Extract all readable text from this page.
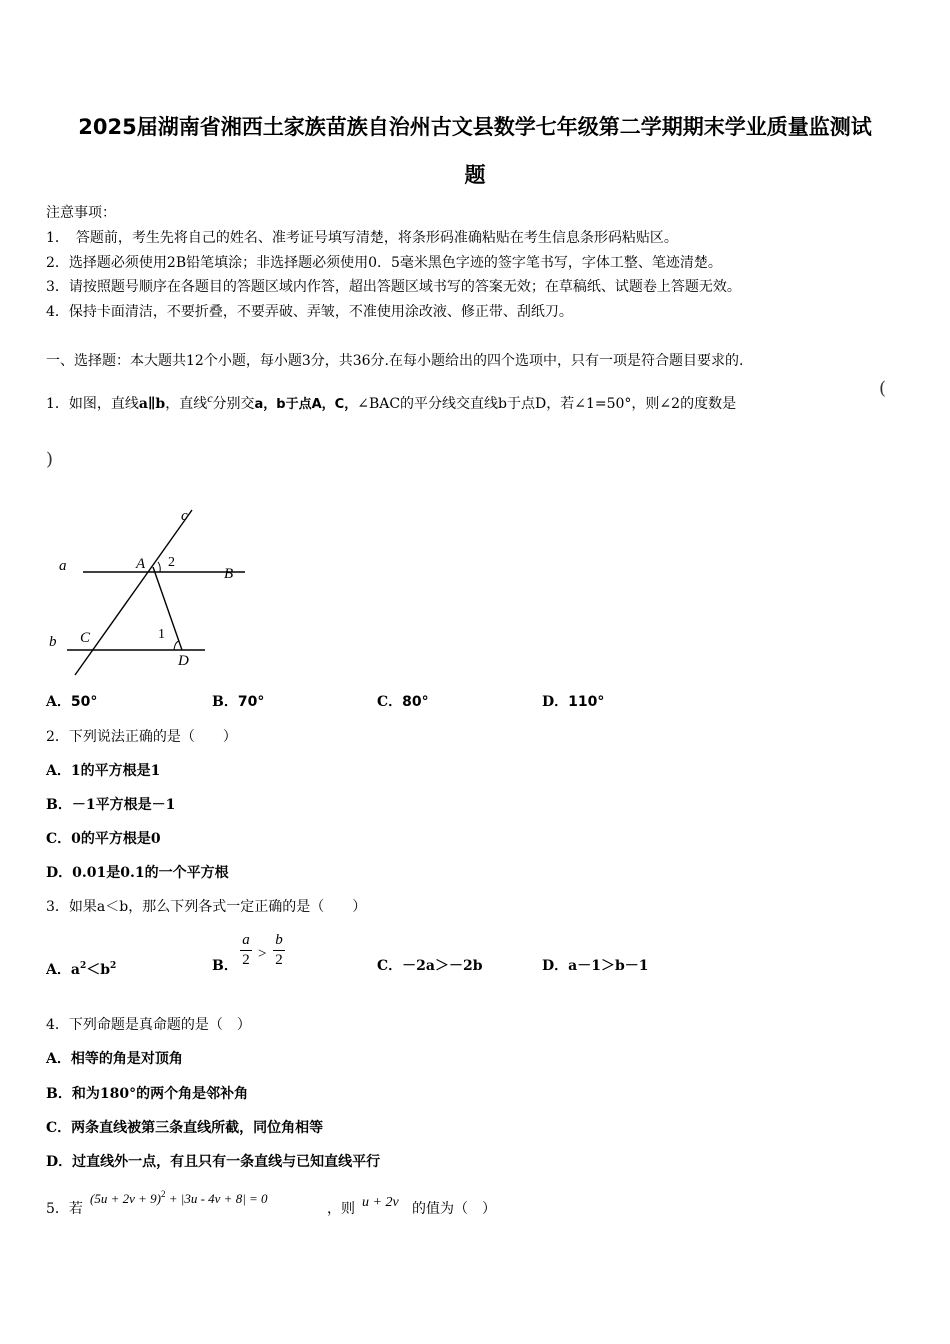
2025届湖南省湘西土家族苗族自治州古文县数学七年级第二学期期末学业质量监测试
题
注意事项：
1．　答题前，考生先将自己的姓名、准考证号填写清楚，将条形码准确粘贴在考生信息条形码粘贴区。
2．选择题必须使用2B铅笔填涂；非选择题必须使用0．5毫米黑色字迹的签字笔书写，字体工整、笔迹清楚。
3．请按照题号顺序在各题目的答题区域内作答，超出答题区域书写的答案无效；在草稿纸、试题卷上答题无效。
4．保持卡面清洁，不要折叠，不要弄破、弄皱，不准使用涂改液、修正带、刮纸刀。
一、选择题：本大题共12个小题，每小题3分，共36分.在每小题给出的四个选项中，只有一项是符合题目要求的.
1．如图，直线a∥b，直线c分别交a，b于点A，C，∠BAC的平分线交直线b于点D，若∠1=50°，则∠2的度数是
(
)
a
b
c
A
B
C
D
1
2
A．50°	B．70°	C．80°	D．110°
2．下列说法正确的是（　　）
A．1的平方根是1
B．－1平方根是－1
C．0的平方根是0
D．0.01是0.1的一个平方根
3．如果a＜b，那么下列各式一定正确的是（　　）
A．$a^2<b^2$	B．
a
2 >
b
2	C．－2a＞－2b	D．a－1＞b－1
4．下列命题是真命题的是（　）
A．相等的角是对顶角
B．和为180°的两个角是邻补角
C．两条直线被第三条直线所截，同位角相等
D．过直线外一点，有且只有一条直线与已知直线平行
5．若
$(5u + 2v + 9)^2 + |3u - 4v + 8| = 0$
，则 u + 2v 的值为（　）
